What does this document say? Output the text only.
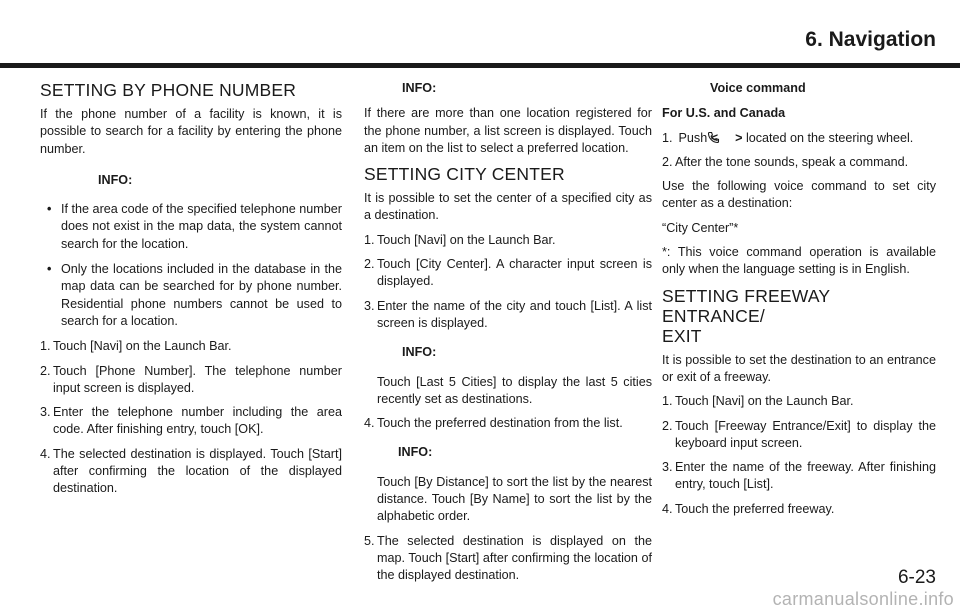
6. Navigation
SETTING BY PHONE NUMBER

If the phone number of a facility is known, it is possible to search for a facility by entering the phone number.

INFO:
• If the area code of the specified telephone number does not exist in the map data, the system cannot search for the location.
• Only the locations included in the database in the map data can be searched for by phone number. Residential phone numbers cannot be used to search for a location.
1. Touch [Navi] on the Launch Bar.
2. Touch [Phone Number]. The telephone number input screen is displayed.
3. Enter the telephone number including the area code. After finishing entry, touch [OK].
4. The selected destination is displayed. Touch [Start] after confirming the location of the displayed destination.
INFO:

If there are more than one location registered for the phone number, a list screen is displayed. Touch an item on the list to select a preferred location.

SETTING CITY CENTER

It is possible to set the center of a specified city as a destination.

1. Touch [Navi] on the Launch Bar.
2. Touch [City Center]. A character input screen is displayed.
3. Enter the name of the city and touch [List]. A list screen is displayed.
INFO:

Touch [Last 5 Cities] to display the last 5 cities recently set as destinations.

4. Touch the preferred destination from the list.
INFO:

Touch [By Distance] to sort the list by the nearest distance. Touch [By Name] to sort the list by the alphabetic order.

5. The selected destination is displayed on the map. Touch [Start] after confirming the location of the displayed destination.
Voice command
For U.S. and Canada
1. Push < > located on the steering wheel.
2. After the tone sounds, speak a command.

Use the following voice command to set city center as a destination:

“City Center”*

*: This voice command operation is available only when the language setting is in English.

SETTING FREEWAY ENTRANCE/
EXIT

It is possible to set the destination to an entrance or exit of a freeway.

1. Touch [Navi] on the Launch Bar.
2. Touch [Freeway Entrance/Exit] to display the keyboard input screen.
3. Enter the name of the freeway. After finishing entry, touch [List].
4. Touch the preferred freeway.
6-23
carmanualsonline.info
